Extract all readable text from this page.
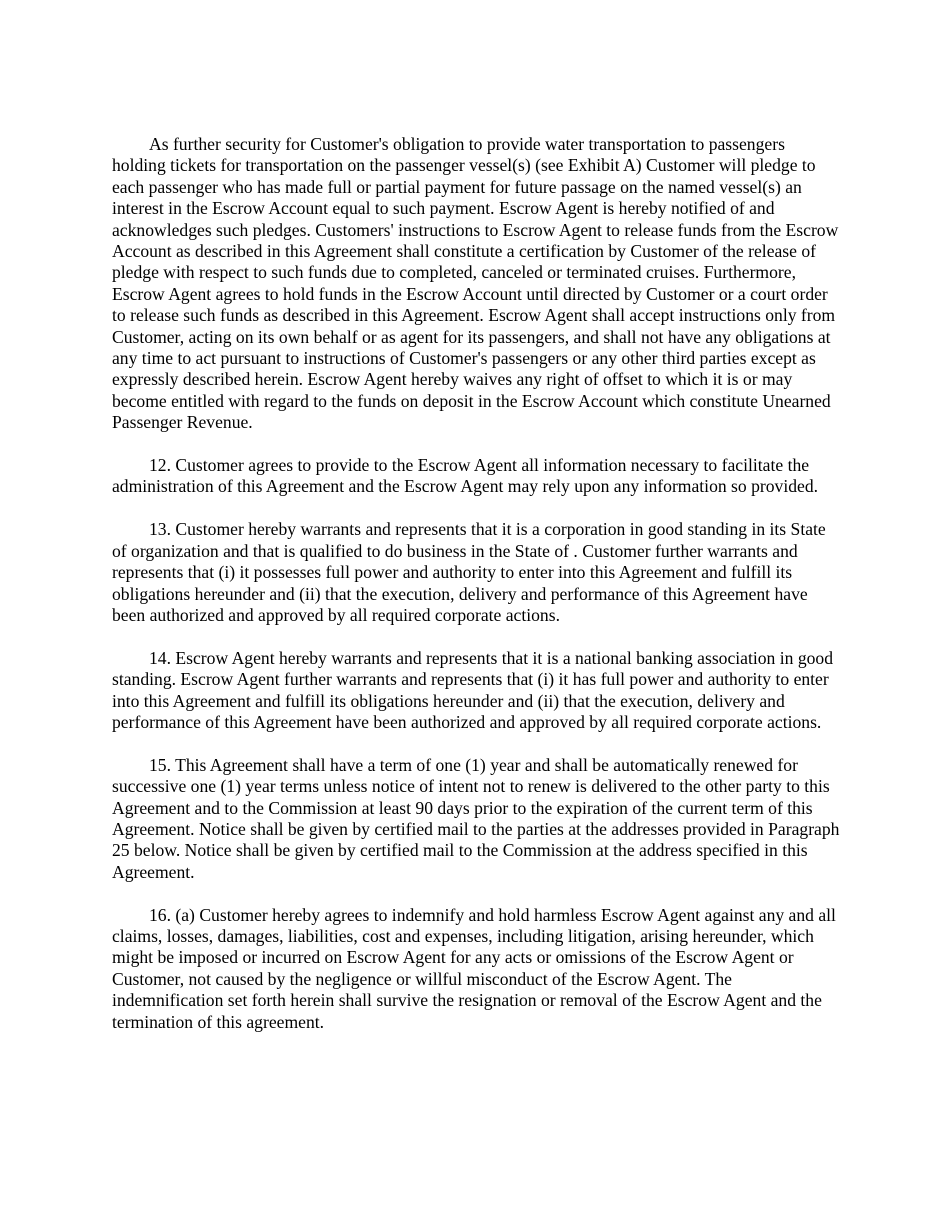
As further security for Customer's obligation to provide water transportation to passengers holding tickets for transportation on the passenger vessel(s) (see Exhibit A) Customer will pledge to each passenger who has made full or partial payment for future passage on the named vessel(s) an interest in the Escrow Account equal to such payment. Escrow Agent is hereby notified of and acknowledges such pledges. Customers' instructions to Escrow Agent to release funds from the Escrow Account as described in this Agreement shall constitute a certification by Customer of the release of pledge with respect to such funds due to completed, canceled or terminated cruises. Furthermore, Escrow Agent agrees to hold funds in the Escrow Account until directed by Customer or a court order to release such funds as described in this Agreement. Escrow Agent shall accept instructions only from Customer, acting on its own behalf or as agent for its passengers, and shall not have any obligations at any time to act pursuant to instructions of Customer's passengers or any other third parties except as expressly described herein. Escrow Agent hereby waives any right of offset to which it is or may become entitled with regard to the funds on deposit in the Escrow Account which constitute Unearned Passenger Revenue.

12. Customer agrees to provide to the Escrow Agent all information necessary to facilitate the administration of this Agreement and the Escrow Agent may rely upon any information so provided.

13. Customer hereby warrants and represents that it is a corporation in good standing in its State of organization and that is qualified to do business in the State of . Customer further warrants and represents that (i) it possesses full power and authority to enter into this Agreement and fulfill its obligations hereunder and (ii) that the execution, delivery and performance of this Agreement have been authorized and approved by all required corporate actions.

14. Escrow Agent hereby warrants and represents that it is a national banking association in good standing. Escrow Agent further warrants and represents that (i) it has full power and authority to enter into this Agreement and fulfill its obligations hereunder and (ii) that the execution, delivery and performance of this Agreement have been authorized and approved by all required corporate actions.

15. This Agreement shall have a term of one (1) year and shall be automatically renewed for successive one (1) year terms unless notice of intent not to renew is delivered to the other party to this Agreement and to the Commission at least 90 days prior to the expiration of the current term of this Agreement. Notice shall be given by certified mail to the parties at the addresses provided in Paragraph 25 below. Notice shall be given by certified mail to the Commission at the address specified in this Agreement.

16. (a) Customer hereby agrees to indemnify and hold harmless Escrow Agent against any and all claims, losses, damages, liabilities, cost and expenses, including litigation, arising hereunder, which might be imposed or incurred on Escrow Agent for any acts or omissions of the Escrow Agent or Customer, not caused by the negligence or willful misconduct of the Escrow Agent. The indemnification set forth herein shall survive the resignation or removal of the Escrow Agent and the termination of this agreement.
